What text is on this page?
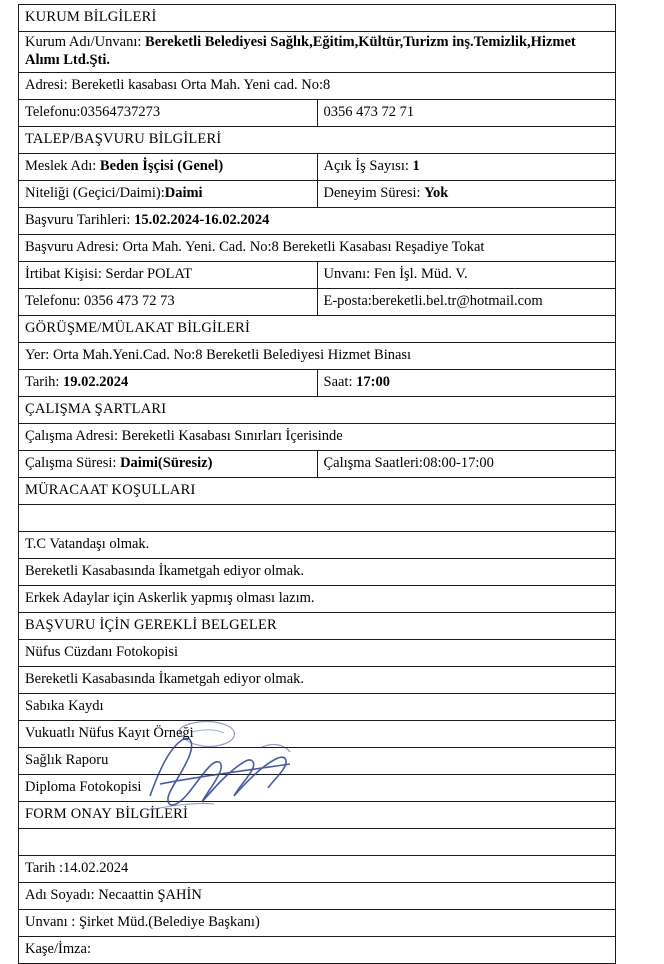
KURUM BİLGİLERİ	
Kurum Adı/Unvanı: Bereketli Belediyesi Sağlık,Eğitim,Kültür,Turizm inş.Temizlik,Hizmet Alımı Ltd.Şti.	
Adresi: Bereketli kasabası Orta Mah. Yeni cad. No:8	
Telefonu:03564737273	0356 473 72 71
TALEP/BAŞVURU BİLGİLERİ	
Meslek Adı: Beden İşçisi (Genel)	Açık İş Sayısı: 1
Niteliği (Geçici/Daimi):Daimi	Deneyim Süresi: Yok
Başvuru Tarihleri: 15.02.2024-16.02.2024	
Başvuru Adresi: Orta Mah. Yeni. Cad. No:8 Bereketli Kasabası Reşadiye Tokat	
İrtibat Kişisi: Serdar POLAT	Unvanı: Fen İşl. Müd. V.
Telefonu: 0356 473 72 73	E-posta:bereketli.bel.tr@hotmail.com
GÖRÜŞME/MÜLAKAT BİLGİLERİ	
Yer: Orta Mah.Yeni.Cad. No:8 Bereketli Belediyesi Hizmet Binası	
Tarih: 19.02.2024	Saat: 17:00
ÇALIŞMA ŞARTLARI	
Çalışma Adresi: Bereketli Kasabası Sınırları İçerisinde	
Çalışma Süresi: Daimi(Süresiz)	Çalışma Saatleri:08:00-17:00
MÜRACAAT KOŞULLARI	

T.C Vatandaşı olmak.	
Bereketli Kasabasında İkametgah ediyor olmak.	
Erkek Adaylar için Askerlik yapmış olması lazım.	
BAŞVURU İÇİN GEREKLİ BELGELER	
Nüfus Cüzdanı Fotokopisi	
Bereketli Kasabasında İkametgah ediyor olmak.	
Sabıka Kaydı	
Vukuatlı Nüfus Kayıt Örneği	
Sağlık Raporu	
Diploma Fotokopisi	
FORM ONAY BİLGİLERİ	

Tarih :14.02.2024	
Adı Soyadı: Necaattin ŞAHİN	
Unvanı : Şirket Müd.(Belediye Başkanı)	
Kaşe/İmza:	
